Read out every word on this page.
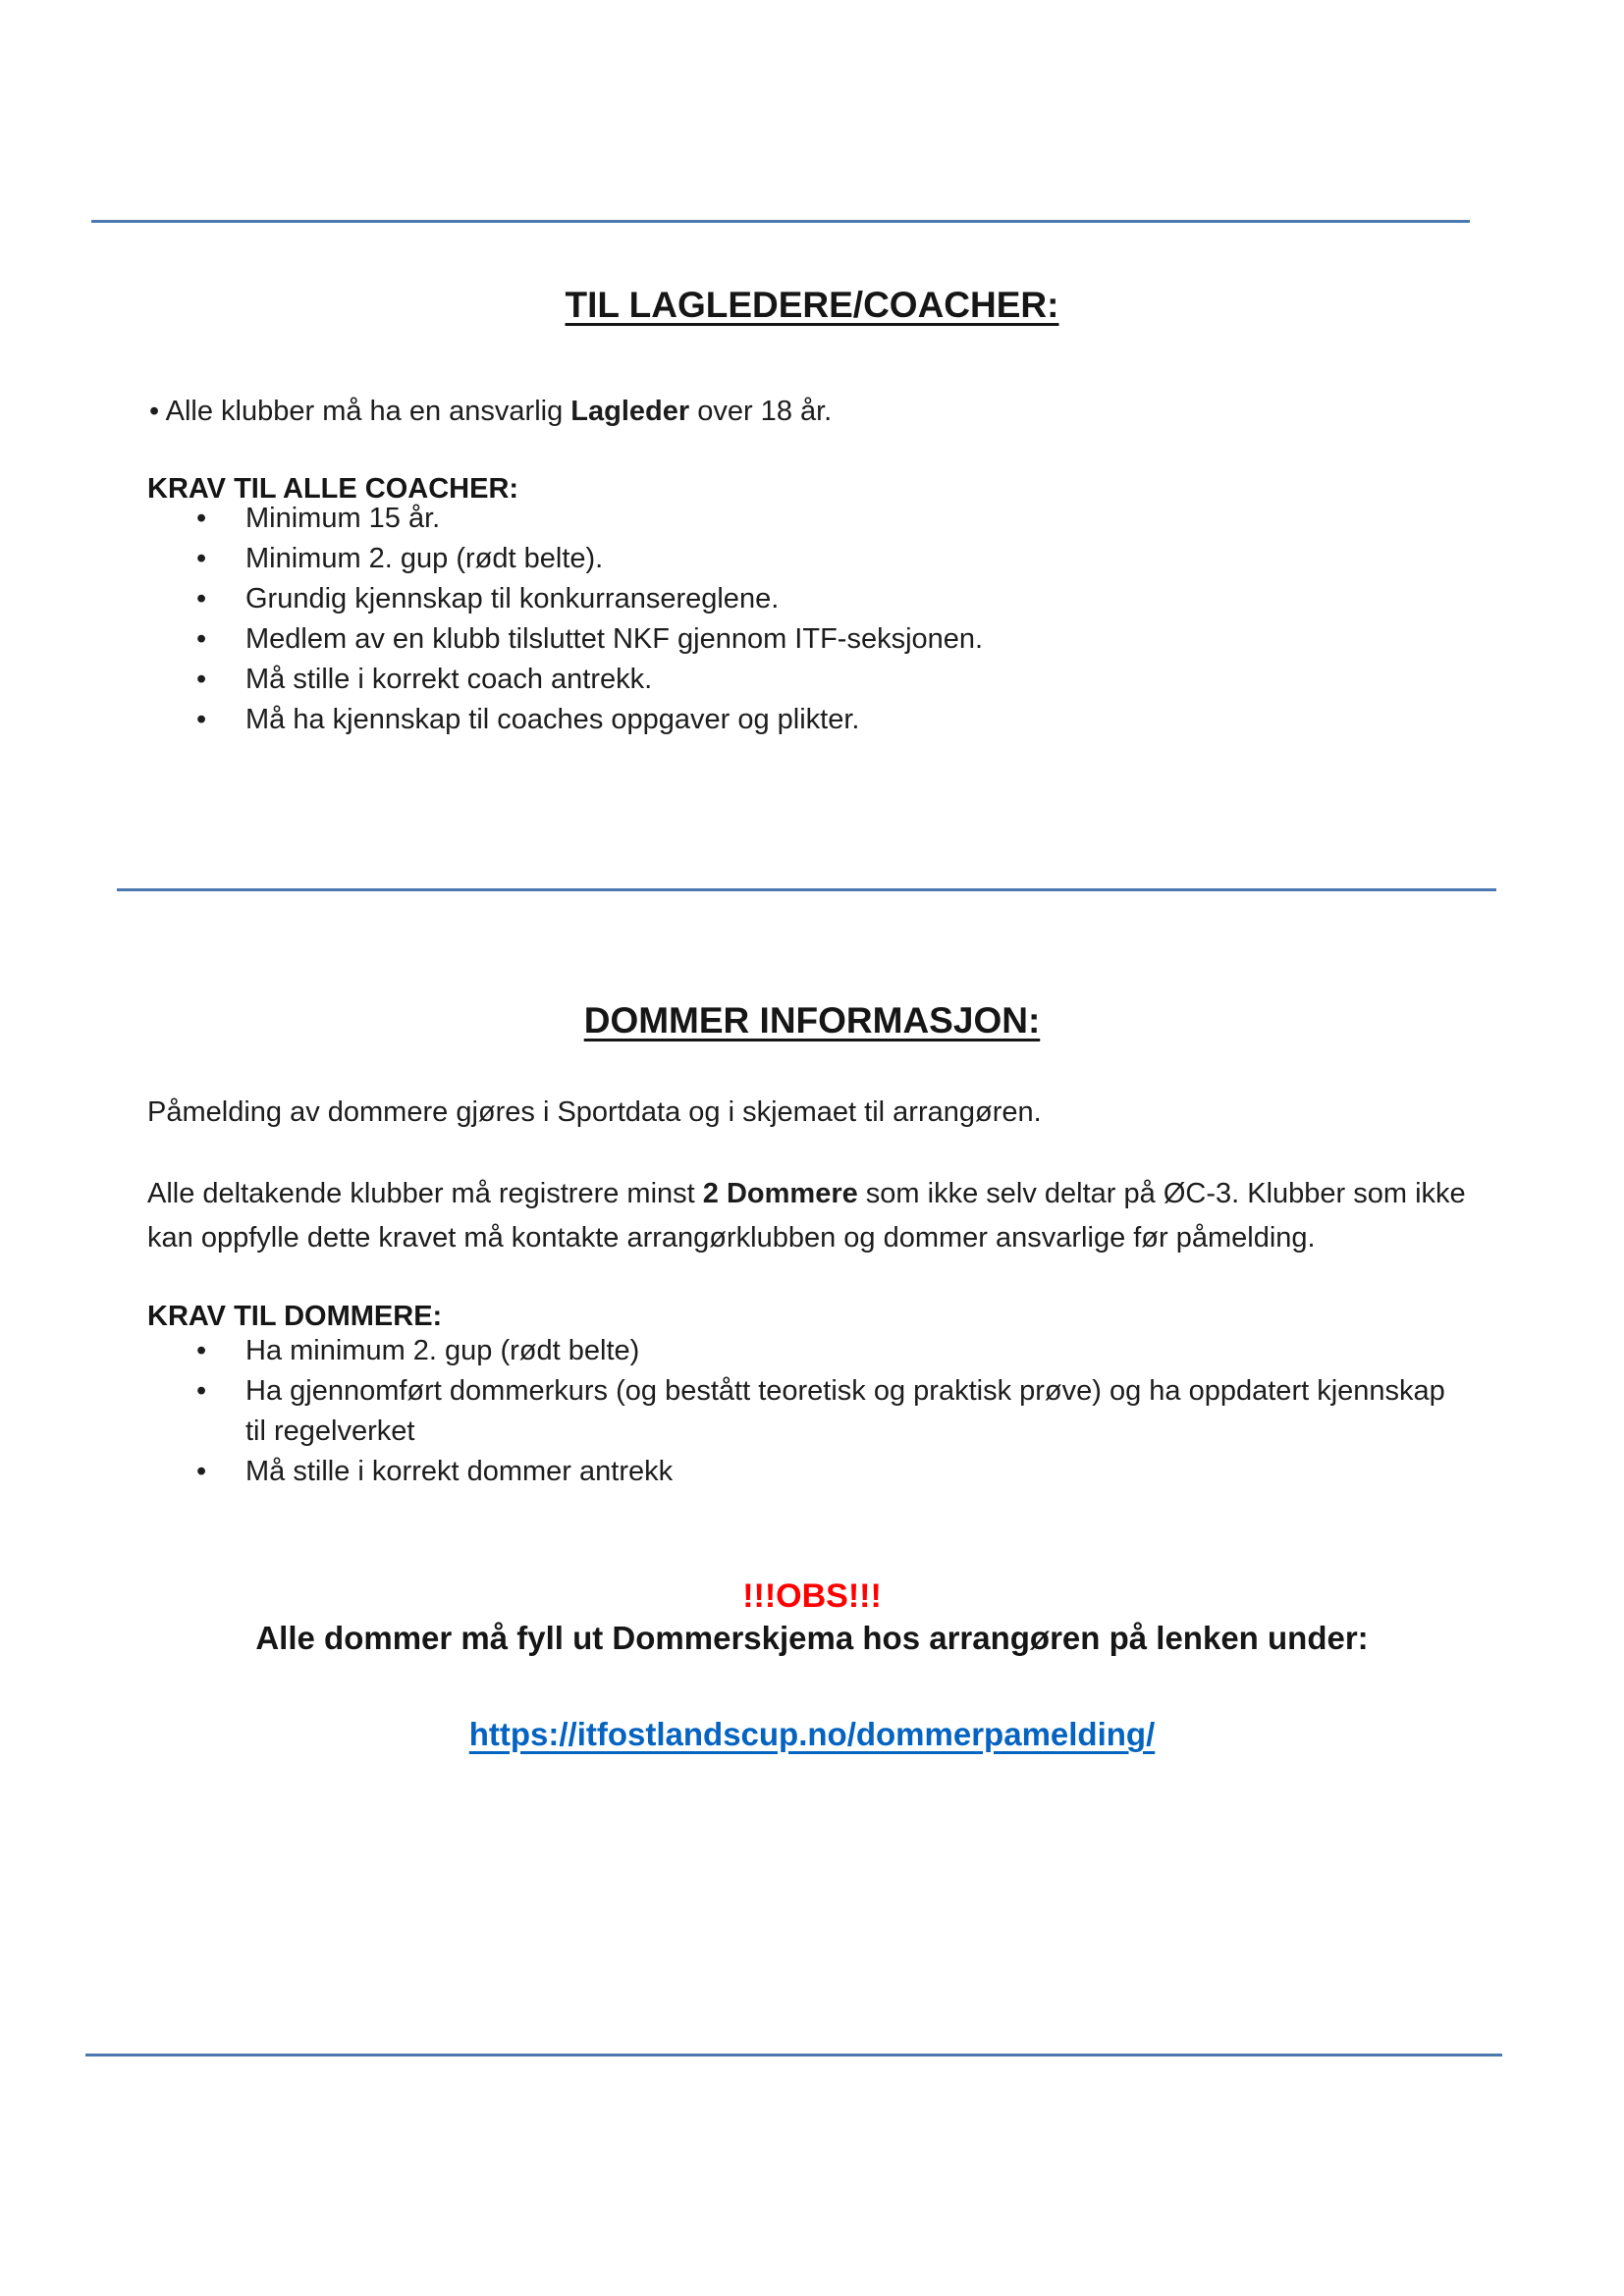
TIL LAGLEDERE/COACHER:
• Alle klubber må ha en ansvarlig Lagleder over 18 år.
KRAV TIL ALLE COACHER:
• Minimum 15 år.
• Minimum 2. gup (rødt belte).
• Grundig kjennskap til konkurransereglene.
• Medlem av en klubb tilsluttet NKF gjennom ITF-seksjonen.
• Må stille i korrekt coach antrekk.
• Må ha kjennskap til coaches oppgaver og plikter.
DOMMER INFORMASJON:
Påmelding av dommere gjøres i Sportdata og i skjemaet til arrangøren.
Alle deltakende klubber må registrere minst 2 Dommere som ikke selv deltar på ØC-3. Klubber som ikke kan oppfylle dette kravet må kontakte arrangørklubben og dommer ansvarlige før påmelding.
KRAV TIL DOMMERE:
• Ha minimum 2. gup (rødt belte)
• Ha gjennomført dommerkurs (og bestått teoretisk og praktisk prøve) og ha oppdatert kjennskap til regelverket
• Må stille i korrekt dommer antrekk
!!!OBS!!!
Alle dommer må fyll ut Dommerskjema hos arrangøren på lenken under:
https://itfostlandscup.no/dommerpamelding/
